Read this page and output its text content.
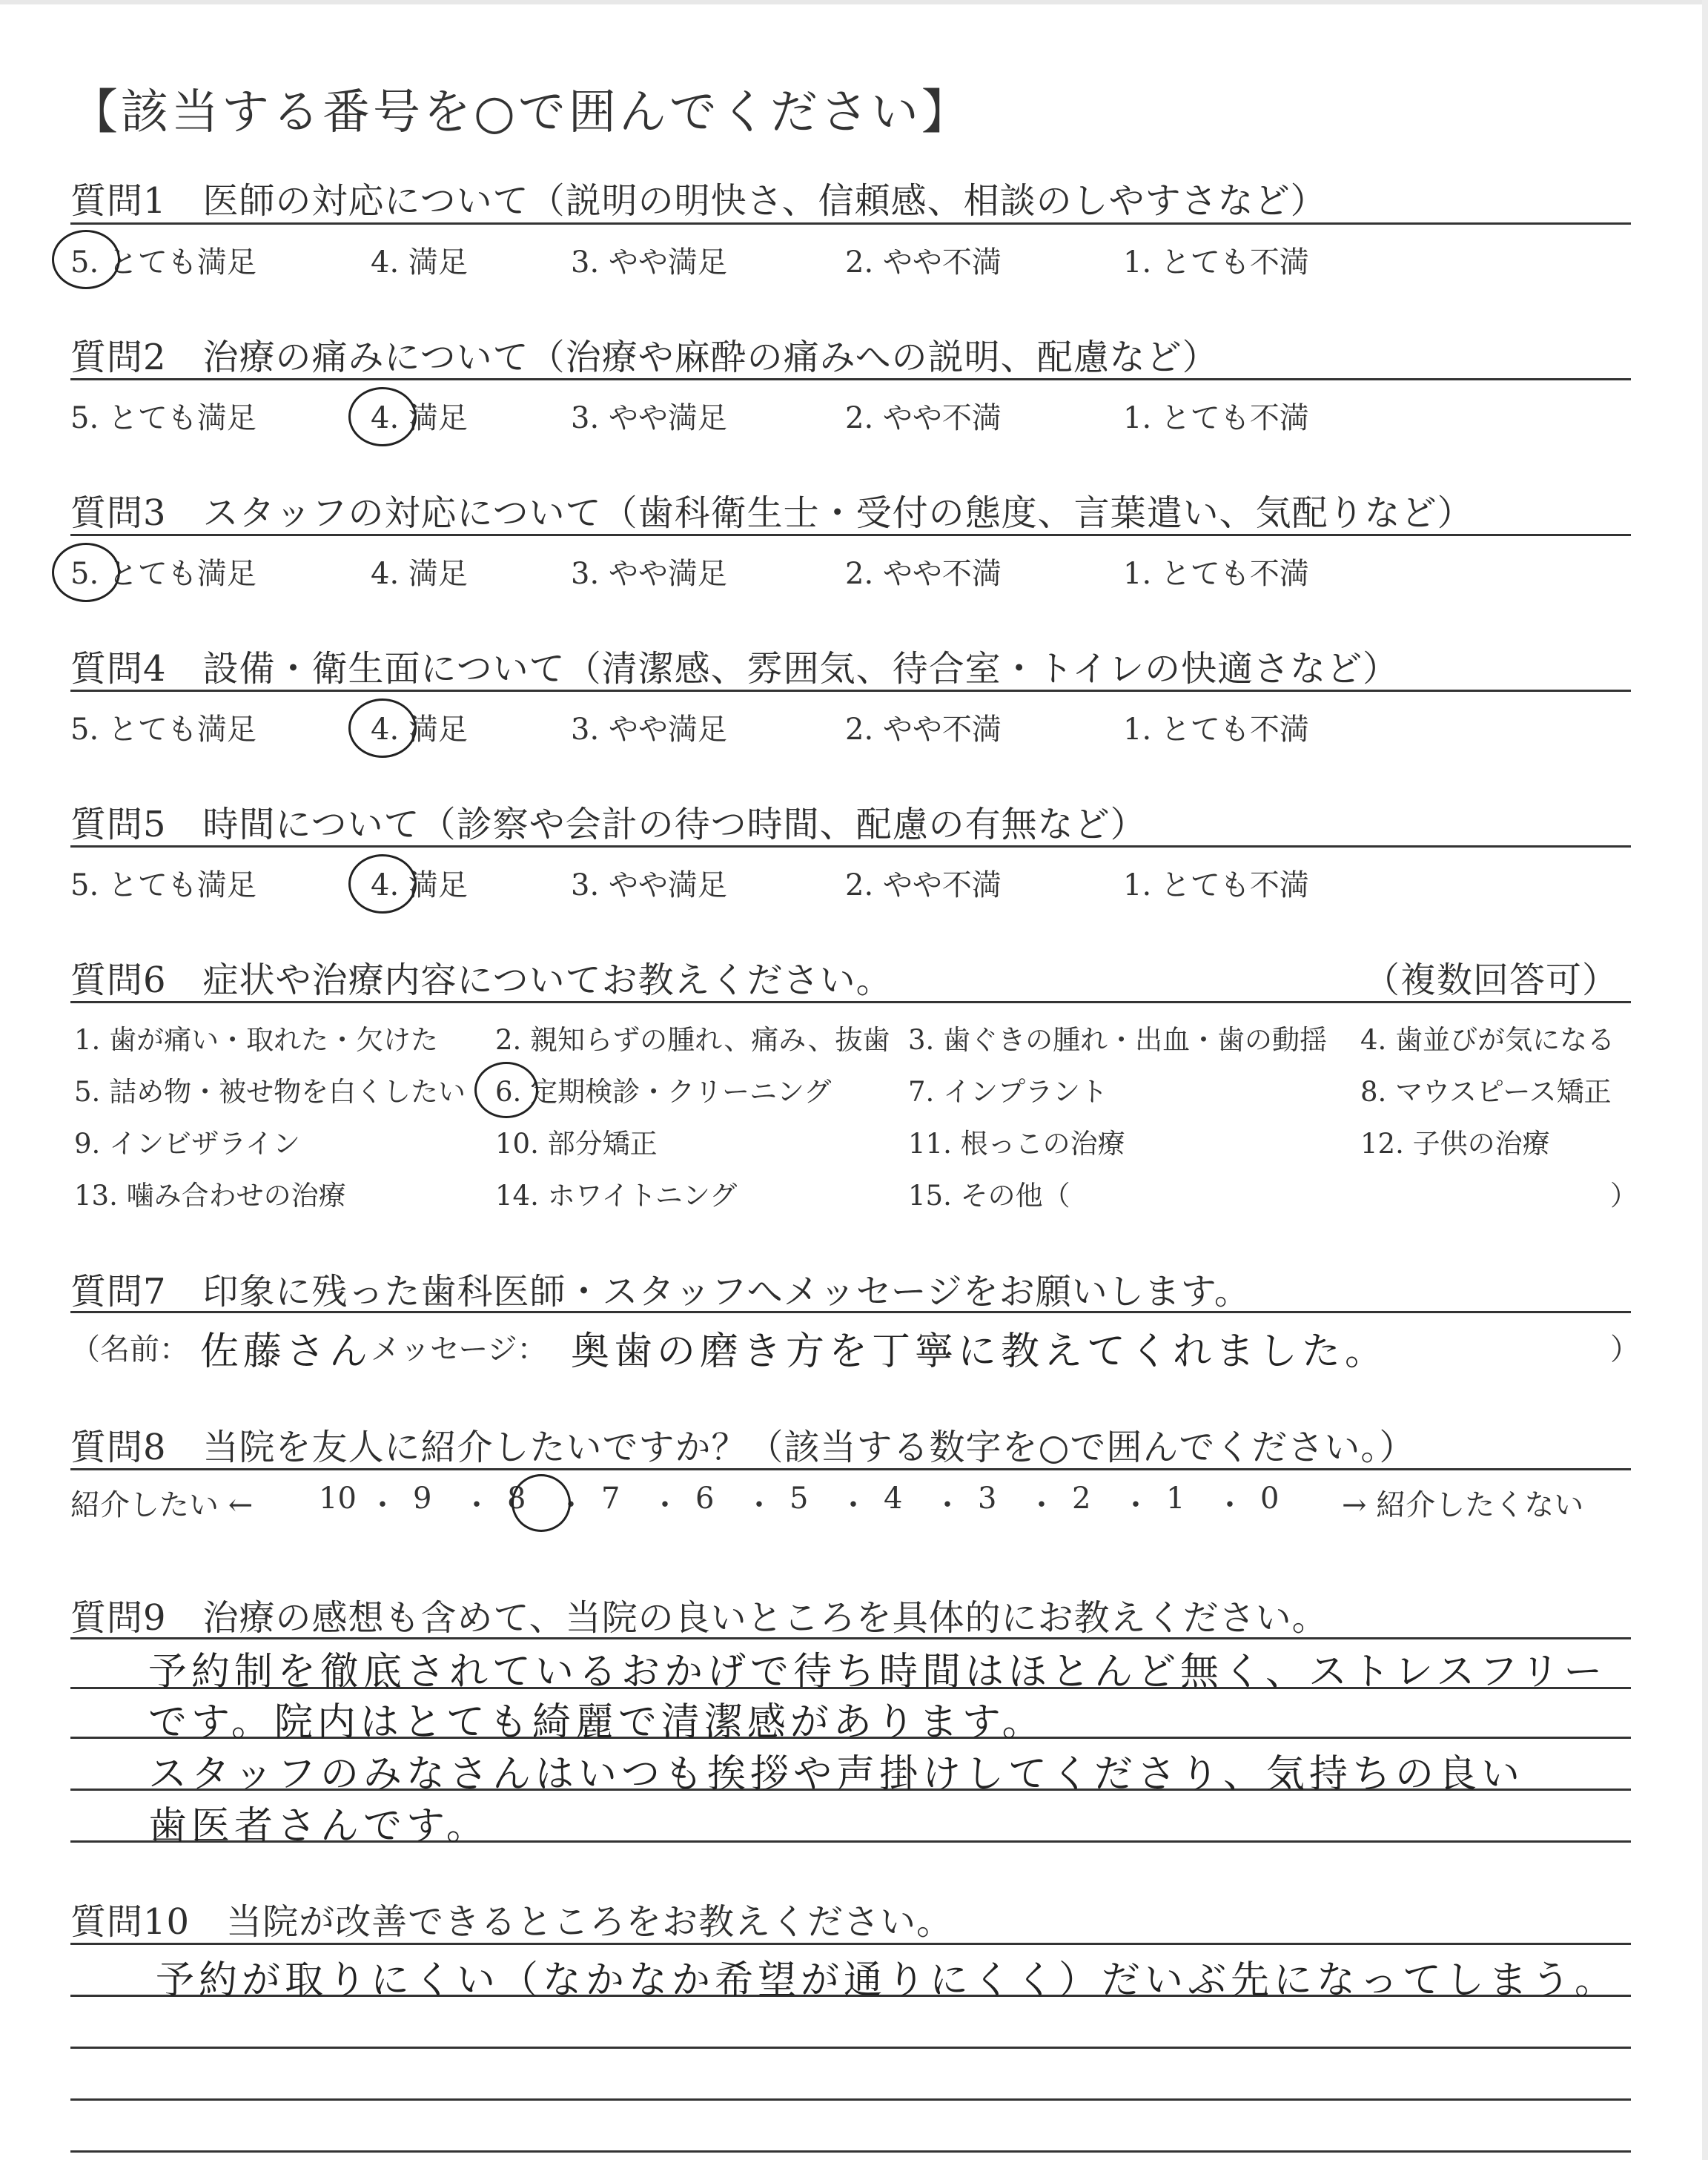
【該当する番号を○で囲んでください】
質問1　医師の対応について（説明の明快さ、信頼感、相談のしやすさなど）
5. とても満足	4. 満足	3. やや満足	2. やや不満	1. とても不満
質問2　治療の痛みについて（治療や麻酔の痛みへの説明、配慮など）
5. とても満足	4. 満足	3. やや満足	2. やや不満	1. とても不満
質問3　スタッフの対応について（歯科衛生士・受付の態度、言葉遣い、気配りなど）
5. とても満足	4. 満足	3. やや満足	2. やや不満	1. とても不満
質問4　設備・衛生面について（清潔感、雰囲気、待合室・トイレの快適さなど）
5. とても満足	4. 満足	3. やや満足	2. やや不満	1. とても不満
質問5　時間について（診察や会計の待つ時間、配慮の有無など）
5. とても満足	4. 満足	3. やや満足	2. やや不満	1. とても不満
質問6　症状や治療内容についてお教えください。	（複数回答可）
1. 歯が痛い・取れた・欠けた 2. 親知らずの腫れ、痛み、抜歯 3. 歯ぐきの腫れ・出血・歯の動揺 4. 歯並びが気になる
5. 詰め物・被せ物を白くしたい 6. 定期検診・クリーニング	7. インプラント	8. マウスピース矯正
9. インビザライン	10. 部分矯正	11. 根っこの治療	12. 子供の治療
13. 噛み合わせの治療	14. ホワイトニング	15. その他（	）
質問7　印象に残った歯科医師・スタッフへメッセージをお願いします。
（名前： 佐藤さん
メッセージ： 奥歯の磨き方を丁寧に教えてくれました。	）
質問8　当院を友人に紹介したいですか？（該当する数字を○で囲んでください。）
紹介したい ←	→ 紹介したくない
10 ・ 9 ・ 8 ・ 7 ・ 6 ・ 5 ・ 4 ・ 3 ・ 2 ・ 1 ・ 0
質問9　治療の感想も含めて、当院の良いところを具体的にお教えください。
予約制を徹底されているおかげで待ち時間はほとんど無く、ストレスフリー
です。院内はとても綺麗で清潔感があります。
スタッフのみなさんはいつも挨拶や声掛けしてくださり、気持ちの良い
歯医者さんです。
質問10　当院が改善できるところをお教えください。
予約が取りにくい（なかなか希望が通りにくく）だいぶ先になってしまう。
